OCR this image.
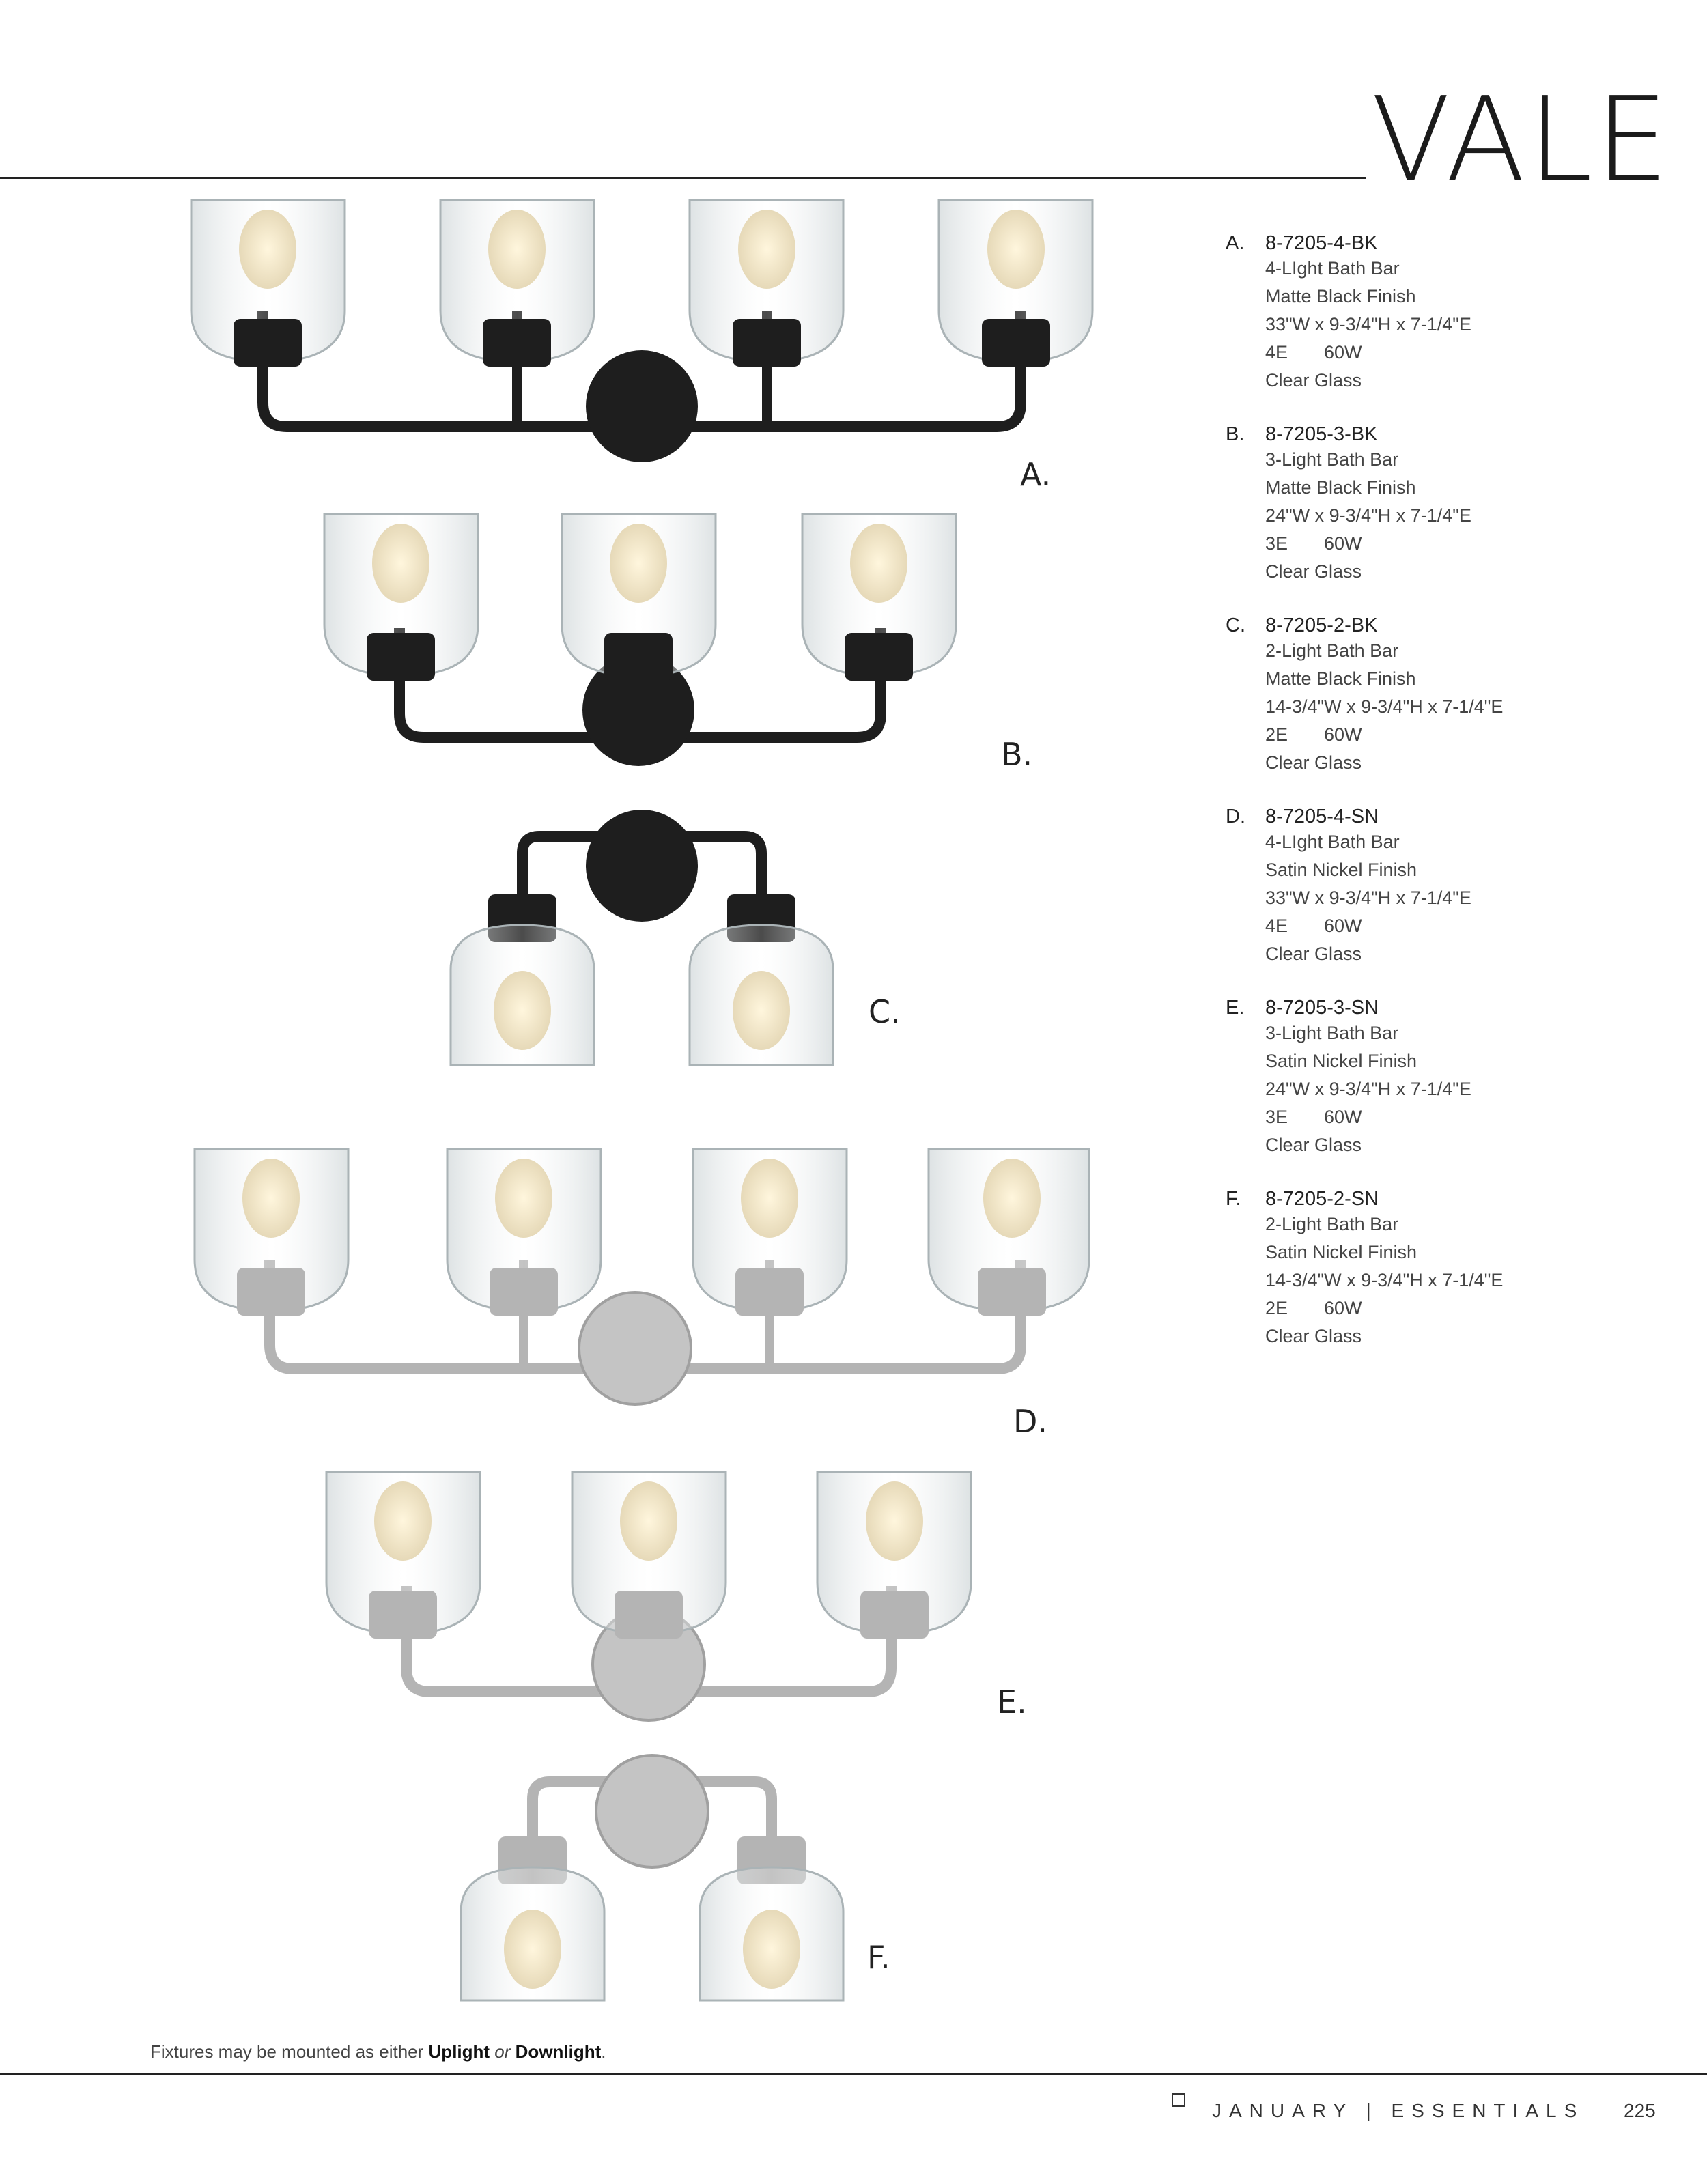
VALE
A.
B.
C.
D.
E.
F.
A.	8-7205-4-BK
4-LIght Bath Bar
Matte Black Finish
33"W x 9-3/4"H x 7-1/4"E
4E	60W
Clear Glass
B.	8-7205-3-BK
3-Light Bath Bar
Matte Black Finish
24"W x 9-3/4"H x 7-1/4"E
3E	60W
Clear Glass
C.	8-7205-2-BK
2-Light Bath Bar
Matte Black Finish
14-3/4"W x 9-3/4"H x 7-1/4"E
2E	60W
Clear Glass
D.	8-7205-4-SN
4-LIght Bath Bar
Satin Nickel Finish
33"W x 9-3/4"H x 7-1/4"E
4E	60W
Clear Glass
E.	8-7205-3-SN
3-Light Bath Bar
Satin Nickel Finish
24"W x 9-3/4"H x 7-1/4"E
3E	60W
Clear Glass
F.	8-7205-2-SN
2-Light Bath Bar
Satin Nickel Finish
14-3/4"W x 9-3/4"H x 7-1/4"E
2E	60W
Clear Glass
Fixtures may be mounted as either Uplight or Downlight.
JANUARY | ESSENTIALS 225
